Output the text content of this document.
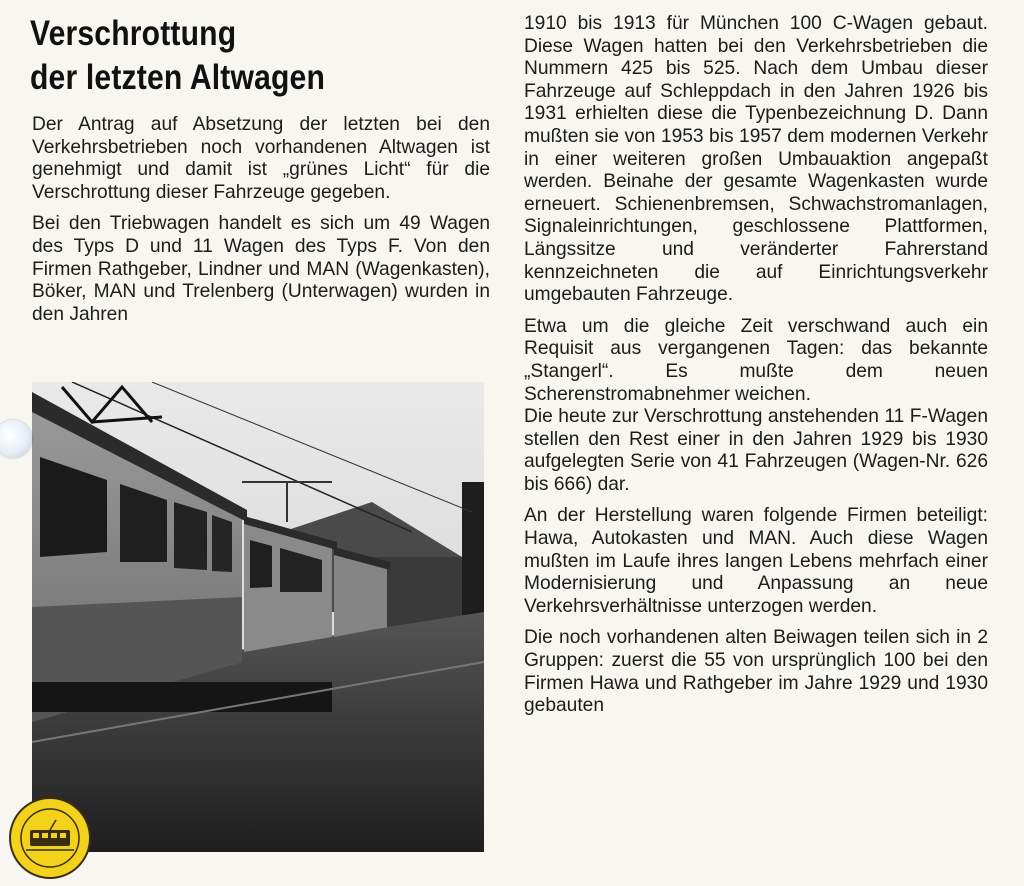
Verschrottung
der letzten Altwagen

Der Antrag auf Absetzung der letzten bei den Verkehrsbetrieben noch vorhandenen Altwagen ist genehmigt und damit ist „grünes Licht“ für die Verschrottung dieser Fahrzeuge gegeben.

Bei den Triebwagen handelt es sich um 49 Wagen des Typs D und 11 Wagen des Typs F. Von den Firmen Rathgeber, Lindner und MAN (Wagenkasten), Böker, MAN und Trelenberg (Unterwagen) wurden in den Jahren

1910 bis 1913 für München 100 C-Wagen gebaut. Diese Wagen hatten bei den Verkehrsbetrieben die Nummern 425 bis 525. Nach dem Umbau dieser Fahrzeuge auf Schleppdach in den Jahren 1926 bis 1931 erhielten diese die Typenbezeichnung D. Dann mußten sie von 1953 bis 1957 dem modernen Verkehr in einer weiteren großen Umbauaktion angepaßt werden. Beinahe der gesamte Wagenkasten wurde erneuert. Schienenbremsen, Schwachstromanlagen, Signaleinrichtungen, geschlossene Plattformen, Längssitze und veränderter Fahrerstand kennzeichneten die auf Einrichtungsverkehr umgebauten Fahrzeuge.

Etwa um die gleiche Zeit verschwand auch ein Requisit aus vergangenen Tagen: das bekannte „Stangerl“. Es mußte dem neuen Scherenstromabnehmer weichen.

Die heute zur Verschrottung anstehenden 11 F-Wagen stellen den Rest einer in den Jahren 1929 bis 1930 aufgelegten Serie von 41 Fahrzeugen (Wagen-Nr. 626 bis 666) dar.

An der Herstellung waren folgende Firmen beteiligt: Hawa, Autokasten und MAN. Auch diese Wagen mußten im Laufe ihres langen Lebens mehrfach einer Modernisierung und Anpassung an neue Verkehrsverhältnisse unterzogen werden.

Die noch vorhandenen alten Beiwagen teilen sich in 2 Gruppen: zuerst die 55 von ursprünglich 100 bei den Firmen Hawa und Rathgeber im Jahre 1929 und 1930 gebauten
